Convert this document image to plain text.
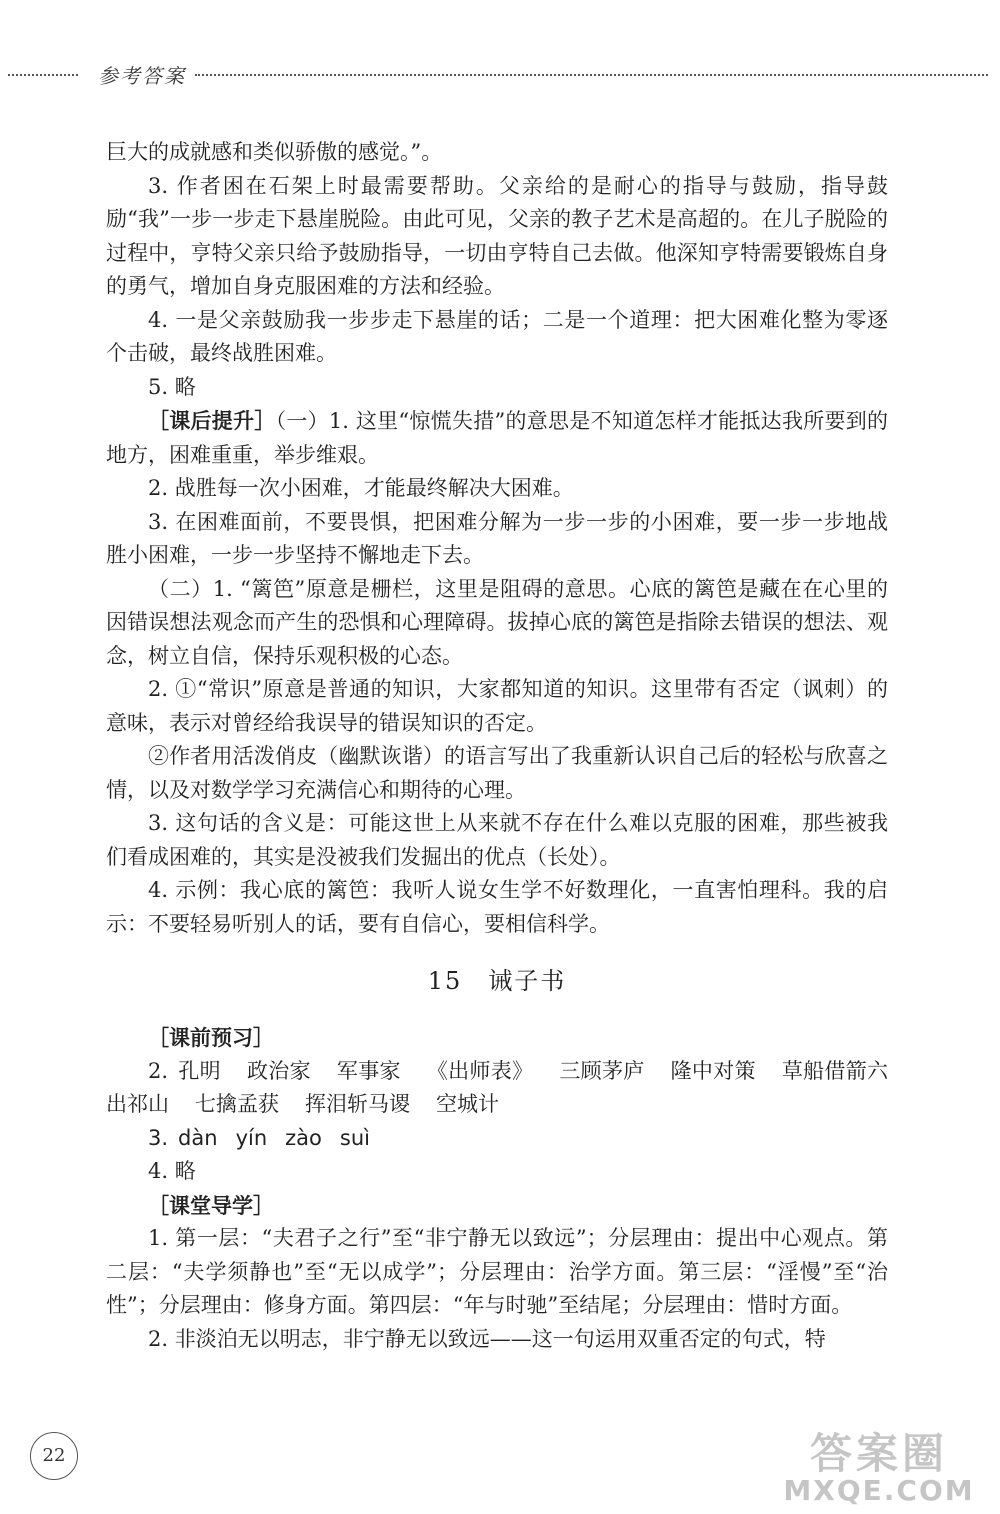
参考答案

巨大的成就感和类似骄傲的感觉。”。

3. 作者困在石架上时最需要帮助。父亲给的是耐心的指导与鼓励，指导鼓励“我”一步一步走下悬崖脱险。由此可见，父亲的教子艺术是高超的。在儿子脱险的过程中，亨特父亲只给予鼓励指导，一切由亨特自己去做。他深知亨特需要锻炼自身的勇气，增加自身克服困难的方法和经验。

4. 一是父亲鼓励我一步步走下悬崖的话；二是一个道理：把大困难化整为零逐个击破，最终战胜困难。

5. 略

［课后提升］（一）1. 这里“惊慌失措”的意思是不知道怎样才能抵达我所要到的地方，困难重重，举步维艰。

2. 战胜每一次小困难，才能最终解决大困难。

3. 在困难面前，不要畏惧，把困难分解为一步一步的小困难，要一步一步地战胜小困难，一步一步坚持不懈地走下去。

（二）1. “篱笆”原意是栅栏，这里是阻碍的意思。心底的篱笆是藏在在心里的因错误想法观念而产生的恐惧和心理障碍。拔掉心底的篱笆是指除去错误的想法、观念，树立自信，保持乐观积极的心态。

2. ①“常识”原意是普通的知识，大家都知道的知识。这里带有否定（讽刺）的意味，表示对曾经给我误导的错误知识的否定。

②作者用活泼俏皮（幽默诙谐）的语言写出了我重新认识自己后的轻松与欣喜之情，以及对数学学习充满信心和期待的心理。

3. 这句话的含义是：可能这世上从来就不存在什么难以克服的困难，那些被我们看成困难的，其实是没被我们发掘出的优点（长处）。

4. 示例：我心底的篱笆：我听人说女生学不好数理化，一直害怕理科。我的启示：不要轻易听别人的话，要有自信心，要相信科学。

15 诫子书

［课前预习］

2. 孔明 政治家 军事家 《出师表》 三顾茅庐 隆中对策 草船借箭六出祁山 七擒孟获 挥泪斩马谡 空城计

3. dàn yín zào suì

4. 略

［课堂导学］

1. 第一层：“夫君子之行”至“非宁静无以致远”；分层理由：提出中心观点。第二层：“夫学须静也”至“无以成学”；分层理由：治学方面。第三层：“淫慢”至“治性”；分层理由：修身方面。第四层：“年与时驰”至结尾；分层理由：惜时方面。

2. 非淡泊无以明志，非宁静无以致远——这一句运用双重否定的句式，特

22	答案圈
MXQE.COM
